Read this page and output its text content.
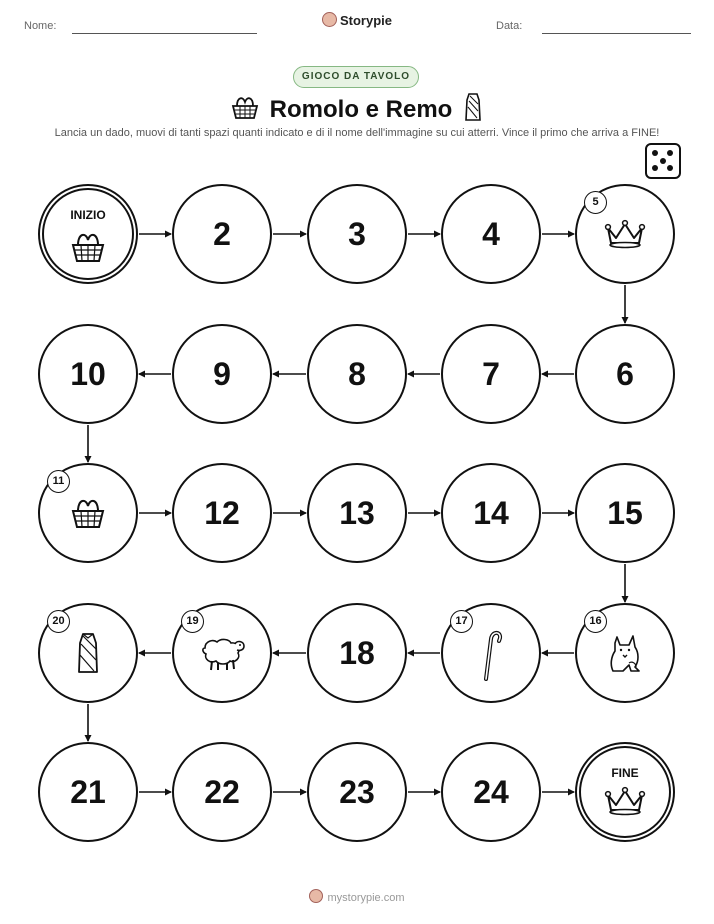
Nome:	Storypie	Data:
GIOCO DA TAVOLO
Romolo e Remo
Lancia un dado, muovi di tanti spazi quanti indicato e di il nome dell'immagine su cui atterri. Vince il primo che arriva a FINE!
INIZIO
2	3	4
5
6
7
8
9
10
11
12	13	14	15
16
17
18
19
20
21	22	23	24
FINE
mystorypie.com
